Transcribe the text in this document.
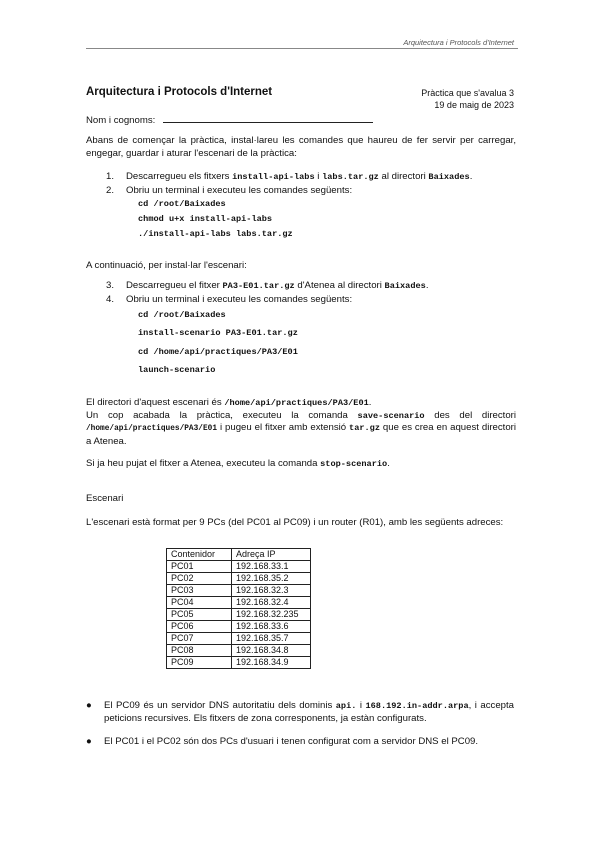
Arquitectura i Protocols d'Internet
Arquitectura i Protocols d'Internet	Pràctica que s'avalua 3
19 de maig de 2023
Nom i cognoms:
Abans de començar la pràctica, instal·lareu les comandes que haureu de fer servir per carregar, engegar, guardar i aturar l'escenari de la pràctica:
1. Descarregueu els fitxers install-api-labs i labs.tar.gz al directori Baixades.
2. Obriu un terminal i executeu les comandes següents:
cd /root/Baixades
chmod u+x install-api-labs
./install-api-labs labs.tar.gz
A continuació, per instal·lar l'escenari:
3. Descarregueu el fitxer PA3-E01.tar.gz d'Atenea al directori Baixades.
4. Obriu un terminal i executeu les comandes següents:
cd /root/Baixades
install-scenario PA3-E01.tar.gz
cd /home/api/practiques/PA3/E01
launch-scenario
El directori d'aquest escenari és /home/api/practiques/PA3/E01.
Un cop acabada la pràctica, executeu la comanda save-scenario des del directori /home/api/practiques/PA3/E01 i pugeu el fitxer amb extensió tar.gz que es crea en aquest directori a Atenea.
Si ja heu pujat el fitxer a Atenea, executeu la comanda stop-scenario.
Escenari
L'escenari està format per 9 PCs (del PC01 al PC09) i un router (R01), amb les següents adreces:
Contenidor	Adreça IP
PC01	192.168.33.1
PC02	192.168.35.2
PC03	192.168.32.3
PC04	192.168.32.4
PC05	192.168.32.235
PC06	192.168.33.6
PC07	192.168.35.7
PC08	192.168.34.8
PC09	192.168.34.9
● El PC09 és un servidor DNS autoritatiu dels dominis api. i 168.192.in-addr.arpa, i accepta peticions recursives. Els fitxers de zona corresponents, ja estàn configurats.
● El PC01 i el PC02 són dos PCs d'usuari i tenen configurat com a servidor DNS el PC09.
